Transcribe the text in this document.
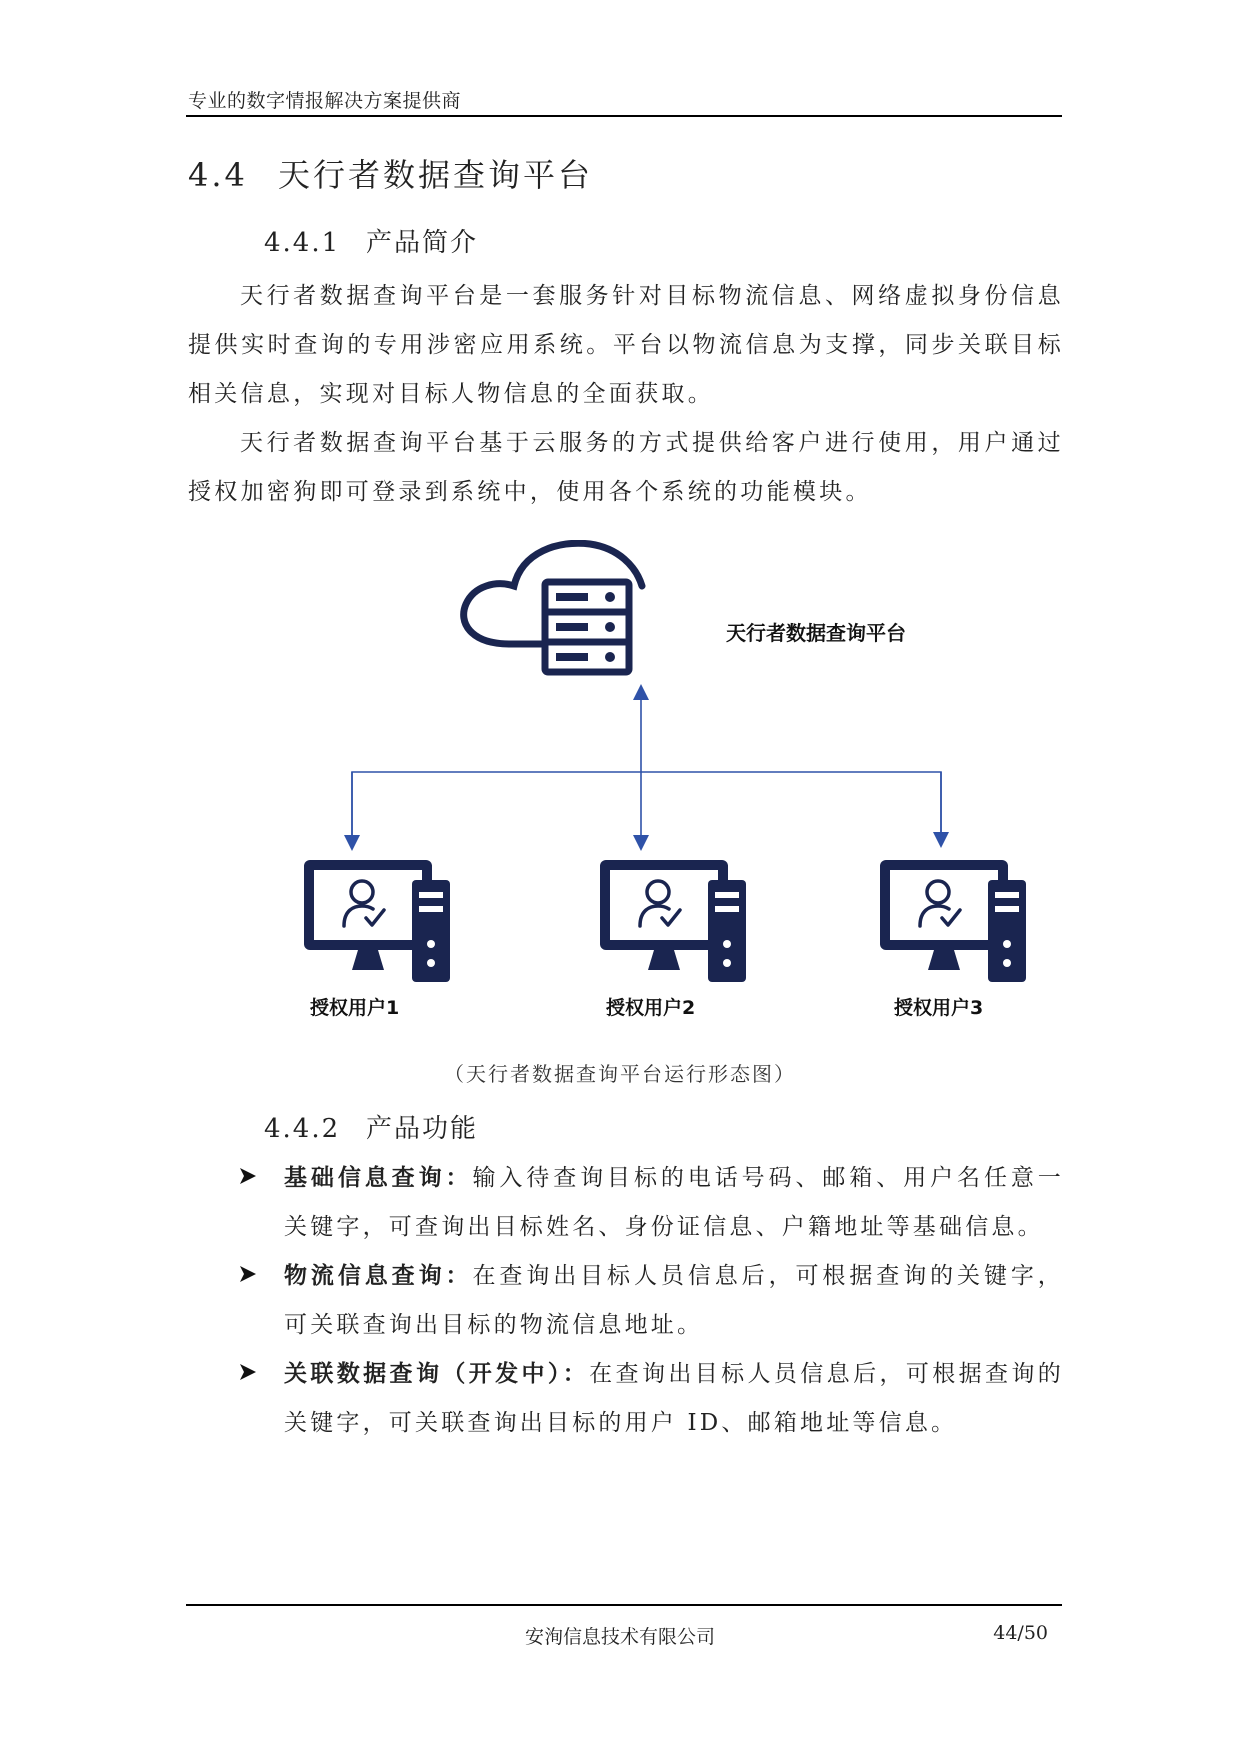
专业的数字情报解决方案提供商
4.4 天行者数据查询平台
4.4.1 产品简介

天行者数据查询平台是一套服务针对目标物流信息、网络虚拟身份信息提供实时查询的专用涉密应用系统。平台以物流信息为支撑，同步关联目标相关信息，实现对目标人物信息的全面获取。

天行者数据查询平台基于云服务的方式提供给客户进行使用，用户通过授权加密狗即可登录到系统中，使用各个系统的功能模块。

天行者数据查询平台
授权用户1	授权用户2	授权用户3
（天行者数据查询平台运行形态图）
4.4.2 产品功能

基础信息查询：输入待查询目标的电话号码、邮箱、用户名任意一关键字，可查询出目标姓名、身份证信息、户籍地址等基础信息。

物流信息查询：在查询出目标人员信息后，可根据查询的关键字，可关联查询出目标的物流信息地址。

关联数据查询（开发中）：在查询出目标人员信息后，可根据查询的关键字，可关联查询出目标的用户 ID、邮箱地址等信息。

安洵信息技术有限公司	44/50
